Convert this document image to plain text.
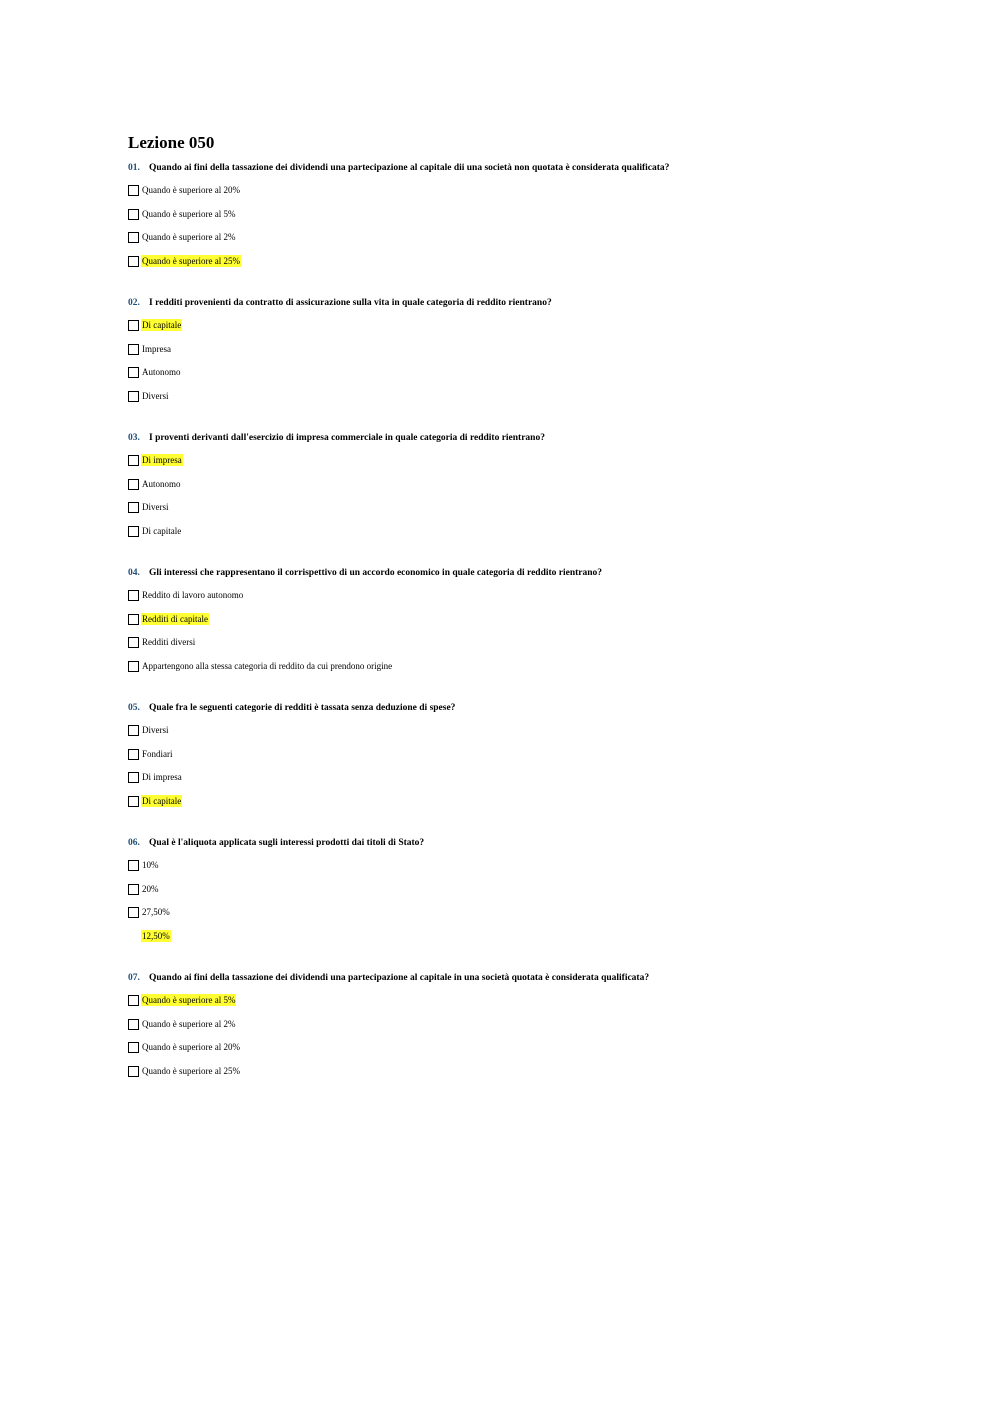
Lezione 050
01. Quando ai fini della tassazione dei dividendi una partecipazione al capitale dii una società non quotata è considerata qualificata?
Quando è superiore al 20%
Quando è superiore al 5%
Quando è superiore al 2%
Quando è superiore al 25%
02. I redditi provenienti da contratto di assicurazione sulla vita in quale categoria di reddito rientrano?
Di capitale
Impresa
Autonomo
Diversi
03. I proventi derivanti dall'esercizio di impresa commerciale in quale categoria di reddito rientrano?
Di impresa
Autonomo
Diversi
Di capitale
04. Gli interessi che rappresentano il corrispettivo di un accordo economico in quale categoria di reddito rientrano?
Reddito di lavoro autonomo
Redditi di capitale
Redditi diversi
Appartengono alla stessa categoria di reddito da cui prendono origine
05. Quale fra le seguenti categorie di redditi è tassata senza deduzione di spese?
Diversi
Fondiari
Di impresa
Di capitale
06. Qual è l'aliquota applicata sugli interessi prodotti dai titoli di Stato?
10%
20%
27,50%
12,50%
07. Quando ai fini della tassazione dei dividendi una partecipazione al capitale in una società quotata è considerata qualificata?
Quando è superiore al 5%
Quando è superiore al 2%
Quando è superiore al 20%
Quando è superiore al 25%
